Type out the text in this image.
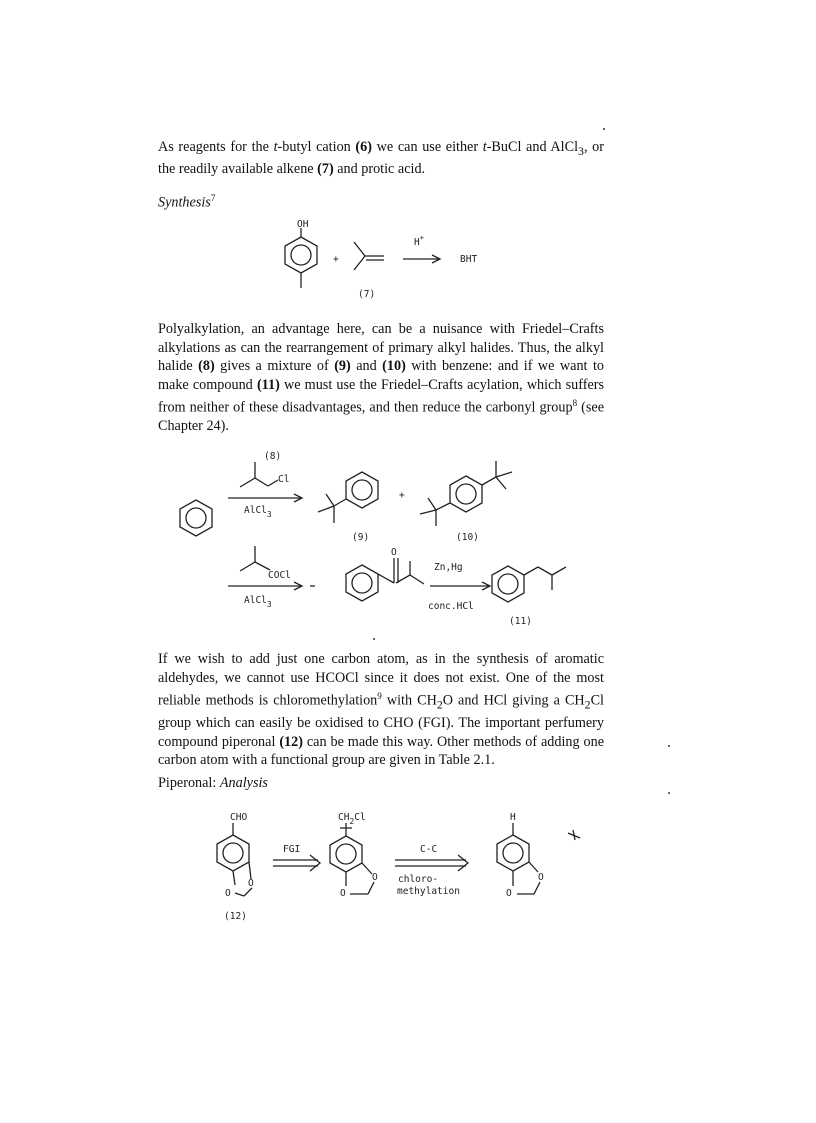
As reagents for the t-butyl cation (6) we can use either t-BuCl and AlCl$_3$, or the readily available alkene (7) and protic acid.

Synthesis$^7$

Polyalkylation, an advantage here, can be a nuisance with Friedel–Crafts alkylations as can the rearrangement of primary alkyl halides. Thus, the alkyl halide (8) gives a mixture of (9) and (10) with benzene: and if we want to make compound (11) we must use the Friedel–Crafts acylation, which suffers from neither of these disadvantages, and then reduce the carbonyl group$^8$ (see Chapter 24).

If we wish to add just one carbon atom, as in the synthesis of aromatic aldehydes, we cannot use HCOCl since it does not exist. One of the most reliable methods is chloromethylation$^9$ with $CH_2O$ and HCl giving a $CH_2Cl$ group which can easily be oxidised to CHO (FGI). The important perfumery compound piperonal (12) can be made this way. Other methods of adding one carbon atom with a functional group are given in Table 2.1.

Piperonal: Analysis

OH
+
(7)
H+
BHT
(8)
Cl
AlCl$_3$
(9)
+
(10)
COCl
AlCl$_3$
O
Zn,Hg
conc.HCl
(11)
CHO
O
O
(12)
FGI
$CH_2Cl$
O
O
C-C
chloro-
methylation
H
O
O
